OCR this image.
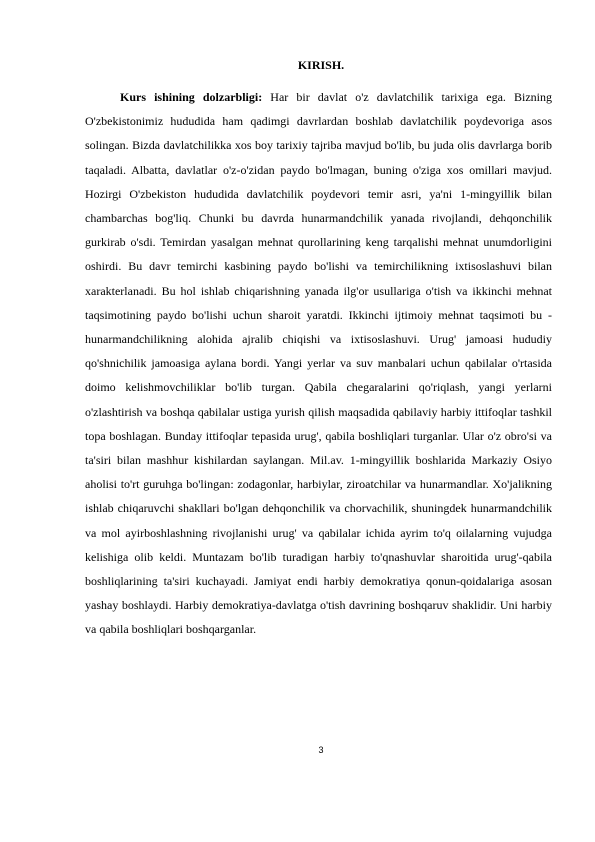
KIRISH.

Kurs ishining dolzarbligi: Har bir davlat o'z davlatchilik tarixiga ega. Bizning O'zbekistonimiz hududida ham qadimgi davrlardan boshlab davlatchilik poydevoriga asos solingan. Bizda davlatchilikka xos boy tarixiy tajriba mavjud bo'lib, bu juda olis davrlarga borib taqaladi. Albatta, davlatlar o'z-o'zidan paydo bo'lmagan, buning o'ziga xos omillari mavjud. Hozirgi O'zbekiston hududida davlatchilik poydevori temir asri, ya'ni 1-mingyillik bilan chambarchas bog'liq. Chunki bu davrda hunarmandchilik yanada rivojlandi, dehqonchilik gurkirab o'sdi. Temirdan yasalgan mehnat qurollarining keng tarqalishi mehnat unumdorligini oshirdi. Bu davr temirchi kasbining paydo bo'lishi va temirchilikning ixtisoslashuvi bilan xarakterlanadi. Bu hol ishlab chiqarishning yanada ilg'or usullariga o'tish va ikkinchi mehnat taqsimotining paydo bo'lishi uchun sharoit yaratdi. Ikkinchi ijtimoiy mehnat taqsimoti bu - hunarmandchilikning alohida ajralib chiqishi va ixtisoslashuvi. Urug' jamoasi hududiy qo'shnichilik jamoasiga aylana bordi. Yangi yerlar va suv manbalari uchun qabilalar o'rtasida doimo kelishmovchiliklar bo'lib turgan. Qabila chegaralarini qo'riqlash, yangi yerlarni o'zlashtirish va boshqa qabilalar ustiga yurish qilish maqsadida qabilaviy harbiy ittifoqlar tashkil topa boshlagan. Bunday ittifoqlar tepasida urug', qabila boshliqlari turganlar. Ular o'z obro'si va ta'siri bilan mashhur kishilardan saylangan. Mil.av. 1-mingyillik boshlarida Markaziy Osiyo aholisi to'rt guruhga bo'lingan: zodagonlar, harbiylar, ziroatchilar va hunarmandlar. Xo'jalikning ishlab chiqaruvchi shakllari bo'lgan dehqonchilik va chorvachilik, shuningdek hunarmandchilik va mol ayirboshlashning rivojlanishi urug' va qabilalar ichida ayrim to'q oilalarning vujudga kelishiga olib keldi. Muntazam bo'lib turadigan harbiy to'qnashuvlar sharoitida urug'-qabila boshliqlarining ta'siri kuchayadi. Jamiyat endi harbiy demokratiya qonun-qoidalariga asosan yashay boshlaydi. Harbiy demokratiya-davlatga o'tish davrining boshqaruv shaklidir. Uni harbiy va qabila boshliqlari boshqarganlar.

3
